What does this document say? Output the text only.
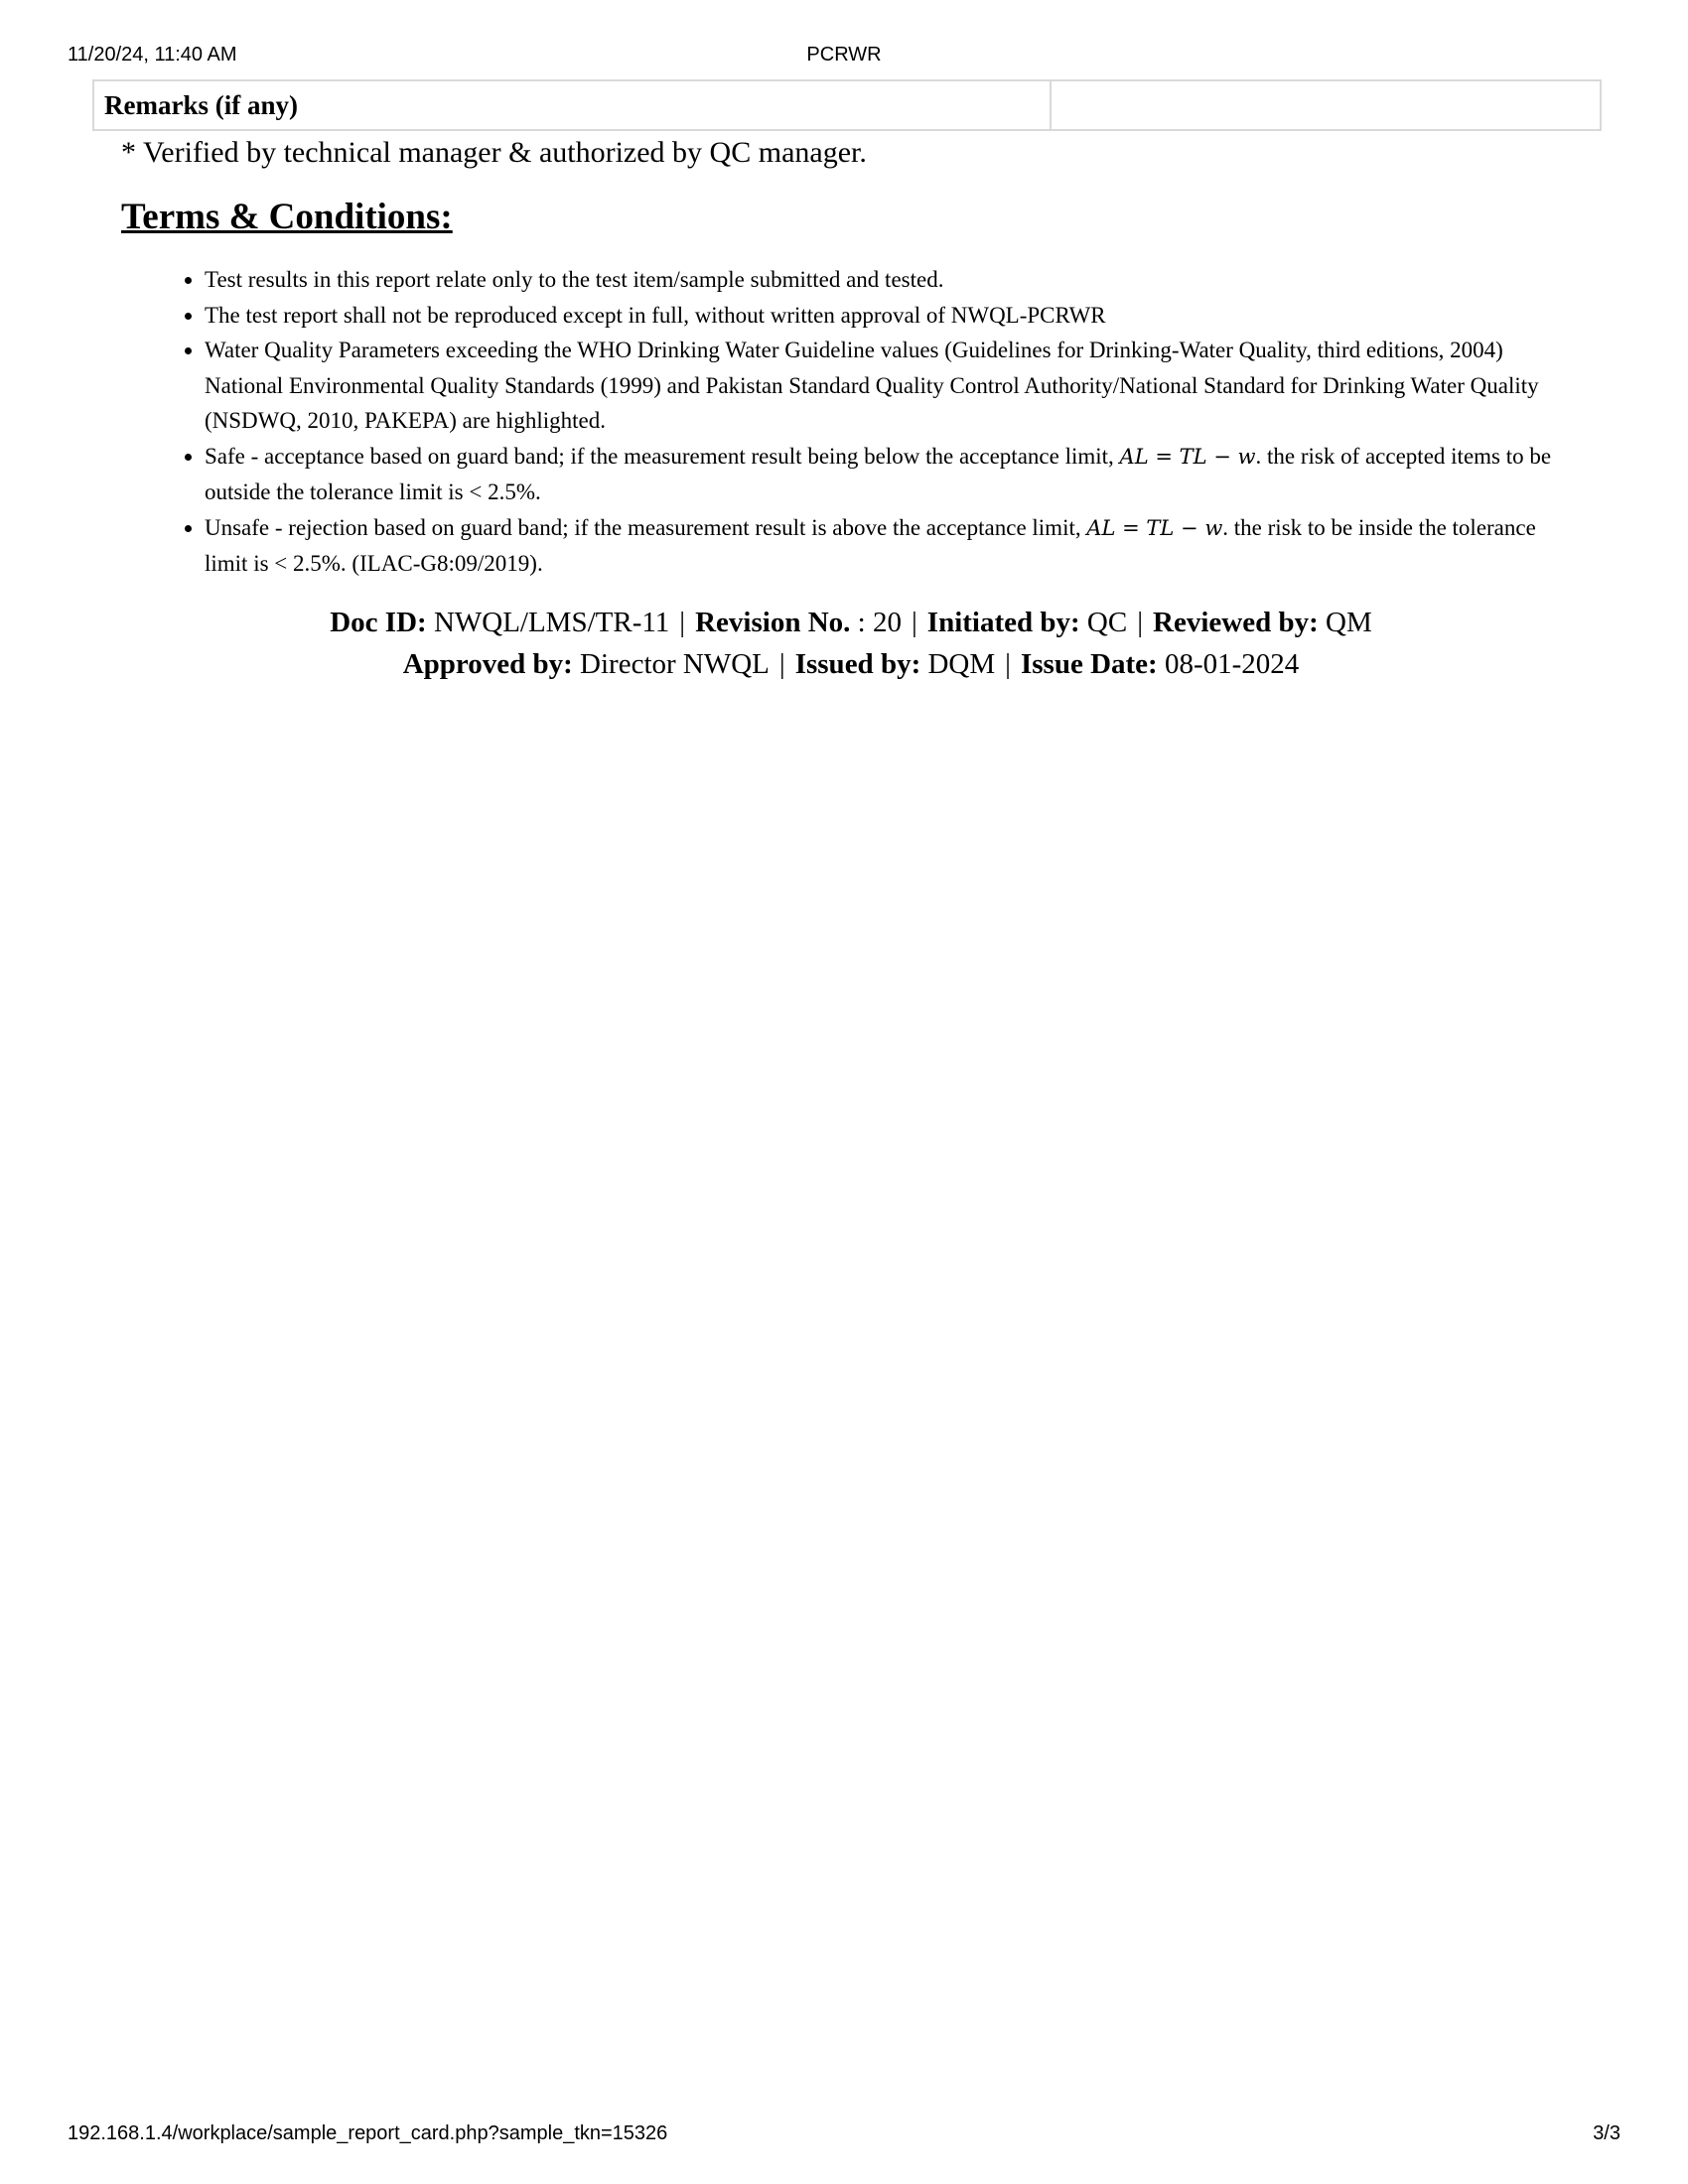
11/20/24, 11:40 AM	PCRWR
Remarks (if any)	

* Verified by technical manager & authorized by QC manager.

Terms & Conditions:
• Test results in this report relate only to the test item/sample submitted and tested.
• The test report shall not be reproduced except in full, without written approval of NWQL-PCRWR
• Water Quality Parameters exceeding the WHO Drinking Water Guideline values (Guidelines for Drinking-Water Quality, third editions, 2004) National Environmental Quality Standards (1999) and Pakistan Standard Quality Control Authority/National Standard for Drinking Water Quality (NSDWQ, 2010, PAKEPA) are highlighted.
• Safe - acceptance based on guard band; if the measurement result being below the acceptance limit, AL = TL − w. the risk of accepted items to be outside the tolerance limit is < 2.5%.
• Unsafe - rejection based on guard band; if the measurement result is above the acceptance limit, AL = TL − w. the risk to be inside the tolerance limit is < 2.5%. (ILAC-G8:09/2019).
Doc ID: NWQL/LMS/TR-11 | Revision No. : 20 | Initiated by: QC | Reviewed by: QM
Approved by: Director NWQL | Issued by: DQM | Issue Date: 08-01-2024
192.168.1.4/workplace/sample_report_card.php?sample_tkn=15326	3/3
